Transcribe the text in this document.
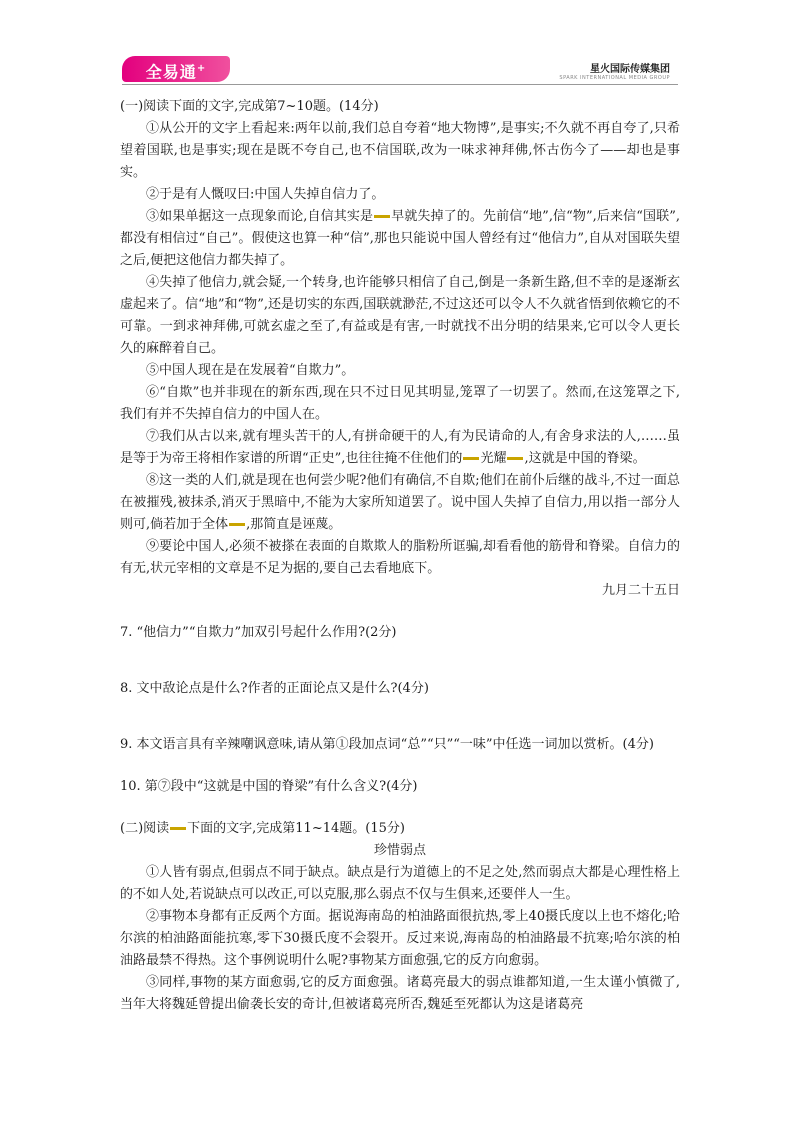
全易通+	星火国际传媒集团
SPARK INTERNATIONAL MEDIA GROUP
(一)阅读下面的文字,完成第7~10题。(14分)

①从公开的文字上看起来:两年以前,我们总自夸着“地大物博”,是事实;不久就不再自夸了,只希望着国联,也是事实;现在是既不夸自己,也不信国联,改为一味求神拜佛,怀古伤今了——却也是事实。

②于是有人慨叹曰:中国人失掉自信力了。

③如果单据这一点现象而论,自信其实是 早就失掉了的。先前信“地”,信“物”,后来信“国联”,都没有相信过“自己”。假使这也算一种“信”,那也只能说中国人曾经有过“他信力”,自从对国联失望之后,便把这他信力都失掉了。

④失掉了他信力,就会疑,一个转身,也许能够只相信了自己,倒是一条新生路,但不幸的是逐渐玄虚起来了。信“地”和“物”,还是切实的东西,国联就渺茫,不过这还可以令人不久就省悟到依赖它的不可靠。一到求神拜佛,可就玄虚之至了,有益或是有害,一时就找不出分明的结果来,它可以令人更长久的麻醉着自己。

⑤中国人现在是在发展着“自欺力”。

⑥“自欺”也并非现在的新东西,现在只不过日见其明显,笼罩了一切罢了。然而,在这笼罩之下,我们有并不失掉自信力的中国人在。

⑦我们从古以来,就有埋头苦干的人,有拼命硬干的人,有为民请命的人,有舍身求法的人,……虽是等于为帝王将相作家谱的所谓“正史”,也往往掩不住他们的 光耀 ,这就是中国的脊梁。

⑧这一类的人们,就是现在也何尝少呢?他们有确信,不自欺;他们在前仆后继的战斗,不过一面总在被摧残,被抹杀,消灭于黑暗中,不能为大家所知道罢了。说中国人失掉了自信力,用以指一部分人则可,倘若加于全体 ,那简直是诬蔑。

⑨要论中国人,必须不被搽在表面的自欺欺人的脂粉所诓骗,却看看他的筋骨和脊梁。自信力的有无,状元宰相的文章是不足为据的,要自己去看地底下。

九月二十五日
7. “他信力”“自欺力”加双引号起什么作用?(2分)
8. 文中敌论点是什么?作者的正面论点又是什么?(4分)
9. 本文语言具有辛辣嘲讽意味,请从第①段加点词“总”“只”“一味”中任选一词加以赏析。(4分)
10. 第⑦段中“这就是中国的脊梁”有什么含义?(4分)
(二)阅读 下面的文字,完成第11~14题。(15分)
珍惜弱点

①人皆有弱点,但弱点不同于缺点。缺点是行为道德上的不足之处,然而弱点大都是心理性格上的不如人处,若说缺点可以改正,可以克服,那么弱点不仅与生俱来,还要伴人一生。

②事物本身都有正反两个方面。据说海南岛的柏油路面很抗热,零上40摄氏度以上也不熔化;哈尔滨的柏油路面能抗寒,零下30摄氏度不会裂开。反过来说,海南岛的柏油路最不抗寒;哈尔滨的柏油路最禁不得热。这个事例说明什么呢?事物某方面愈强,它的反方向愈弱。

③同样,事物的某方面愈弱,它的反方面愈强。诸葛亮最大的弱点谁都知道,一生太谨小慎微了,当年大将魏延曾提出偷袭长安的奇计,但被诸葛亮所否,魏延至死都认为这是诸葛亮
